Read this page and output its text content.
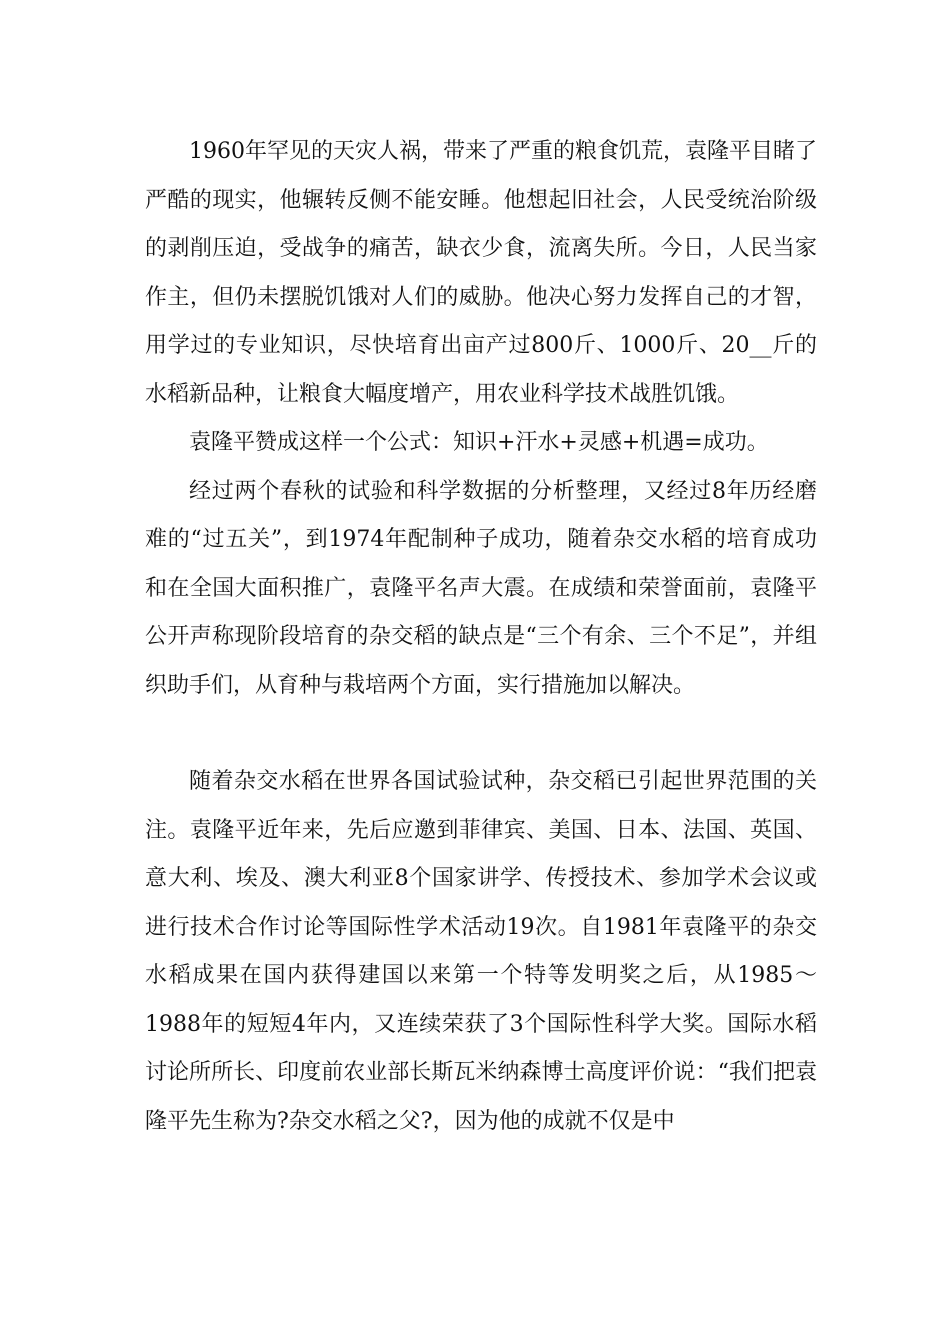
1960年罕见的天灾人祸，带来了严重的粮食饥荒，袁隆平目睹了严酷的现实，他辗转反侧不能安睡。他想起旧社会，人民受统治阶级的剥削压迫，受战争的痛苦，缺衣少食，流离失所。今日，人民当家作主，但仍未摆脱饥饿对人们的威胁。他决心努力发挥自己的才智，用学过的专业知识，尽快培育出亩产过800斤、1000斤、20__斤的水稻新品种，让粮食大幅度增产，用农业科学技术战胜饥饿。

袁隆平赞成这样一个公式：知识+汗水+灵感+机遇=成功。

经过两个春秋的试验和科学数据的分析整理，又经过8年历经磨难的“过五关”，到1974年配制种子成功，随着杂交水稻的培育成功和在全国大面积推广，袁隆平名声大震。在成绩和荣誉面前，袁隆平公开声称现阶段培育的杂交稻的缺点是“三个有余、三个不足”，并组织助手们，从育种与栽培两个方面，实行措施加以解决。

随着杂交水稻在世界各国试验试种，杂交稻已引起世界范围的关注。袁隆平近年来，先后应邀到菲律宾、美国、日本、法国、英国、意大利、埃及、澳大利亚8个国家讲学、传授技术、参加学术会议或进行技术合作讨论等国际性学术活动19次。自1981年袁隆平的杂交水稻成果在国内获得建国以来第一个特等发明奖之后，从1985～1988年的短短4年内，又连续荣获了3个国际性科学大奖。国际水稻讨论所所长、印度前农业部长斯瓦米纳森博士高度评价说：“我们把袁隆平先生称为?杂交水稻之父?，因为他的成就不仅是中
